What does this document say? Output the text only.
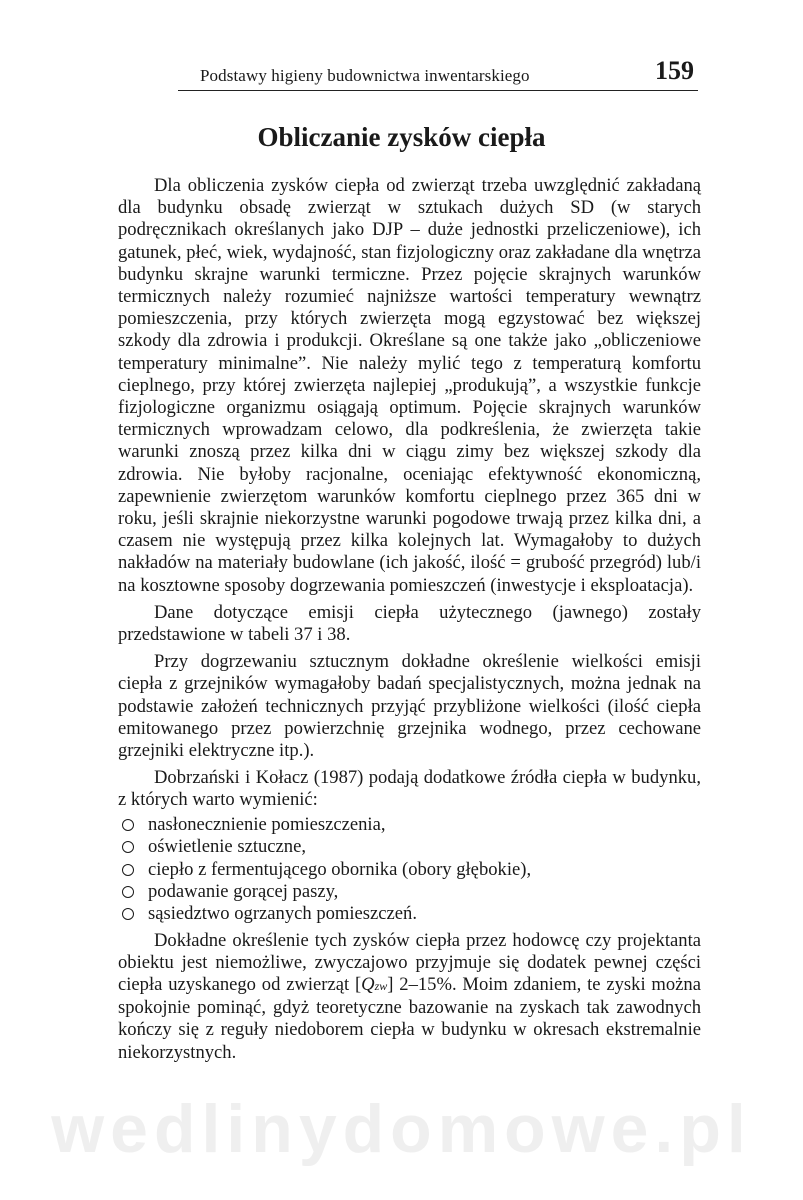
Podstawy higieny budownictwa inwentarskiego	159
Obliczanie zysków ciepła

Dla obliczenia zysków ciepła od zwierząt trzeba uwzględnić zakładaną dla budynku obsadę zwierząt w sztukach dużych SD (w starych podręcznikach określanych jako DJP – duże jednostki przeliczeniowe), ich gatunek, płeć, wiek, wydajność, stan fizjologiczny oraz zakładane dla wnętrza budynku skrajne warunki termiczne. Przez pojęcie skrajnych warunków termicznych należy rozumieć najniższe wartości temperatury wewnątrz pomieszczenia, przy których zwierzęta mogą egzystować bez większej szkody dla zdrowia i produkcji. Określane są one także jako „obliczeniowe temperatury minimalne”. Nie należy mylić tego z temperaturą komfortu cieplnego, przy której zwierzęta najlepiej „produkują”, a wszystkie funkcje fizjologiczne organizmu osiągają optimum. Pojęcie skrajnych warunków termicznych wprowadzam celowo, dla podkreślenia, że zwierzęta takie warunki znoszą przez kilka dni w ciągu zimy bez większej szkody dla zdrowia. Nie byłoby racjonalne, oceniając efektywność ekonomiczną, zapewnienie zwierzętom warunków komfortu cieplnego przez 365 dni w roku, jeśli skrajnie niekorzystne warunki pogodowe trwają przez kilka dni, a czasem nie występują przez kilka kolejnych lat. Wymagałoby to dużych nakładów na materiały budowlane (ich jakość, ilość = grubość przegród) lub/i na kosztowne sposoby dogrzewania pomieszczeń (inwestycje i eksploatacja).

Dane dotyczące emisji ciepła użytecznego (jawnego) zostały przedstawione w tabeli 37 i 38.

Przy dogrzewaniu sztucznym dokładne określenie wielkości emisji ciepła z grzejników wymagałoby badań specjalistycznych, można jednak na podstawie założeń technicznych przyjąć przybliżone wielkości (ilość ciepła emitowanego przez powierzchnię grzejnika wodnego, przez cechowane grzejniki elektryczne itp.).

Dobrzański i Kołacz (1987) podają dodatkowe źródła ciepła w budynku, z których warto wymienić:

nasłonecznienie pomieszczenia,
oświetlenie sztuczne,
ciepło z fermentującego obornika (obory głębokie),
podawanie gorącej paszy,
sąsiedztwo ogrzanych pomieszczeń.

Dokładne określenie tych zysków ciepła przez hodowcę czy projektanta obiektu jest niemożliwe, zwyczajowo przyjmuje się dodatek pewnej części ciepła uzyskanego od zwierząt [Qzw] 2–15%. Moim zdaniem, te zyski można spokojnie pominąć, gdyż teoretyczne bazowanie na zyskach tak zawodnych kończy się z reguły niedoborem ciepła w budynku w okresach ekstremalnie niekorzystnych.

wedlinydomowe.pl
